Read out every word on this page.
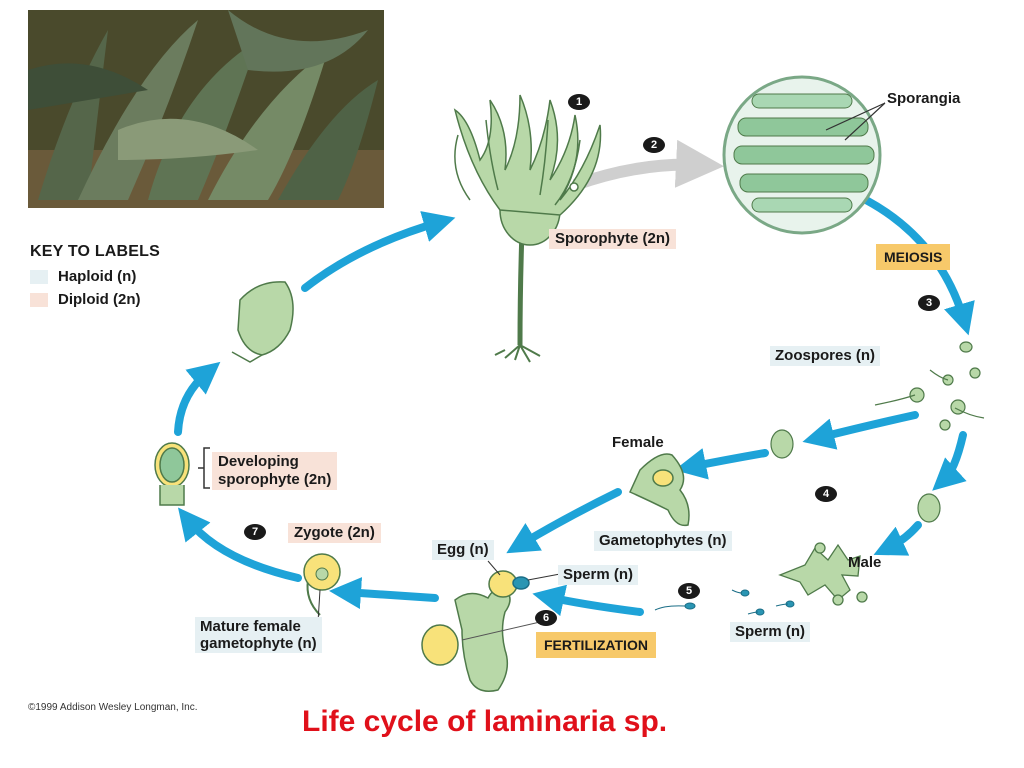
KEY TO LABELS
Haploid (n)
Diploid (2n)
1
2
3
4
5
6
7
Sporangia
Sporophyte (2n)
MEIOSIS
Zoospores (n)
Female
Gametophytes (n)
Male
Sperm (n)
Sperm (n)
Egg (n)
FERTILIZATION
Zygote (2n)
Mature female
gametophyte (n)
Developing
sporophyte (2n)
©1999 Addison Wesley Longman, Inc.	Life cycle of laminaria sp.
